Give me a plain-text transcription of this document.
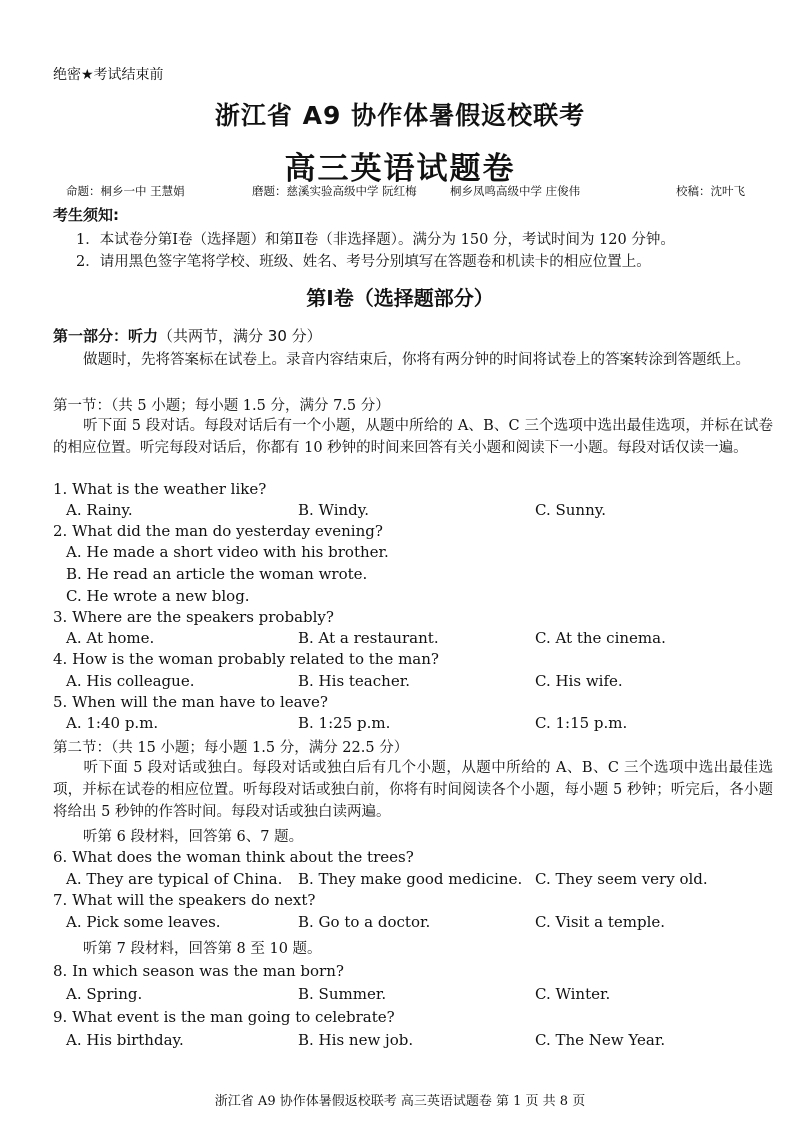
绝密★考试结束前
浙江省 A9 协作体暑假返校联考
高三英语试题卷
命题：桐乡一中 王慧娟	磨题：慈溪实验高级中学 阮红梅	桐乡凤鸣高级中学 庄俊伟	校稿：沈叶飞
考生须知:
1．本试卷分第Ⅰ卷（选择题）和第Ⅱ卷（非选择题）。满分为 150 分，考试时间为 120 分钟。
2．请用黑色签字笔将学校、班级、姓名、考号分别填写在答题卷和机读卡的相应位置上。
第Ⅰ卷（选择题部分）
第一部分：听力（共两节，满分 30 分）
做题时，先将答案标在试卷上。录音内容结束后，你将有两分钟的时间将试卷上的答案转涂到答题纸上。
第一节：（共 5 小题；每小题 1.5 分，满分 7.5 分）
听下面 5 段对话。每段对话后有一个小题，从题中所给的 A、B、C 三个选项中选出最佳选项，并标在试卷的相应位置。听完每段对话后，你都有 10 秒钟的时间来回答有关小题和阅读下一小题。每段对话仅读一遍。
1. What is the weather like?
A. Rainy.	B. Windy.	C. Sunny.
2. What did the man do yesterday evening?
A. He made a short video with his brother.
B. He read an article the woman wrote.
C. He wrote a new blog.
3. Where are the speakers probably?
A. At home.	B. At a restaurant.	C. At the cinema.
4. How is the woman probably related to the man?
A. His colleague.	B. His teacher.	C. His wife.
5. When will the man have to leave?
A. 1:40 p.m.	B. 1:25 p.m.	C. 1:15 p.m.
第二节：（共 15 小题；每小题 1.5 分，满分 22.5 分）
听下面 5 段对话或独白。每段对话或独白后有几个小题，从题中所给的 A、B、C 三个选项中选出最佳选项，并标在试卷的相应位置。听每段对话或独白前，你将有时间阅读各个小题，每小题 5 秒钟；听完后，各小题将给出 5 秒钟的作答时间。每段对话或独白读两遍。
听第 6 段材料，回答第 6、7 题。
6. What does the woman think about the trees?
A. They are typical of China. B. They make good medicine. C. They seem very old.
7. What will the speakers do next?
A. Pick some leaves.	B. Go to a doctor.	C. Visit a temple.
听第 7 段材料，回答第 8 至 10 题。
8. In which season was the man born?
A. Spring.	B. Summer.	C. Winter.
9. What event is the man going to celebrate?
A. His birthday.	B. His new job.	C. The New Year.
浙江省 A9 协作体暑假返校联考 高三英语试题卷 第 1 页 共 8 页
